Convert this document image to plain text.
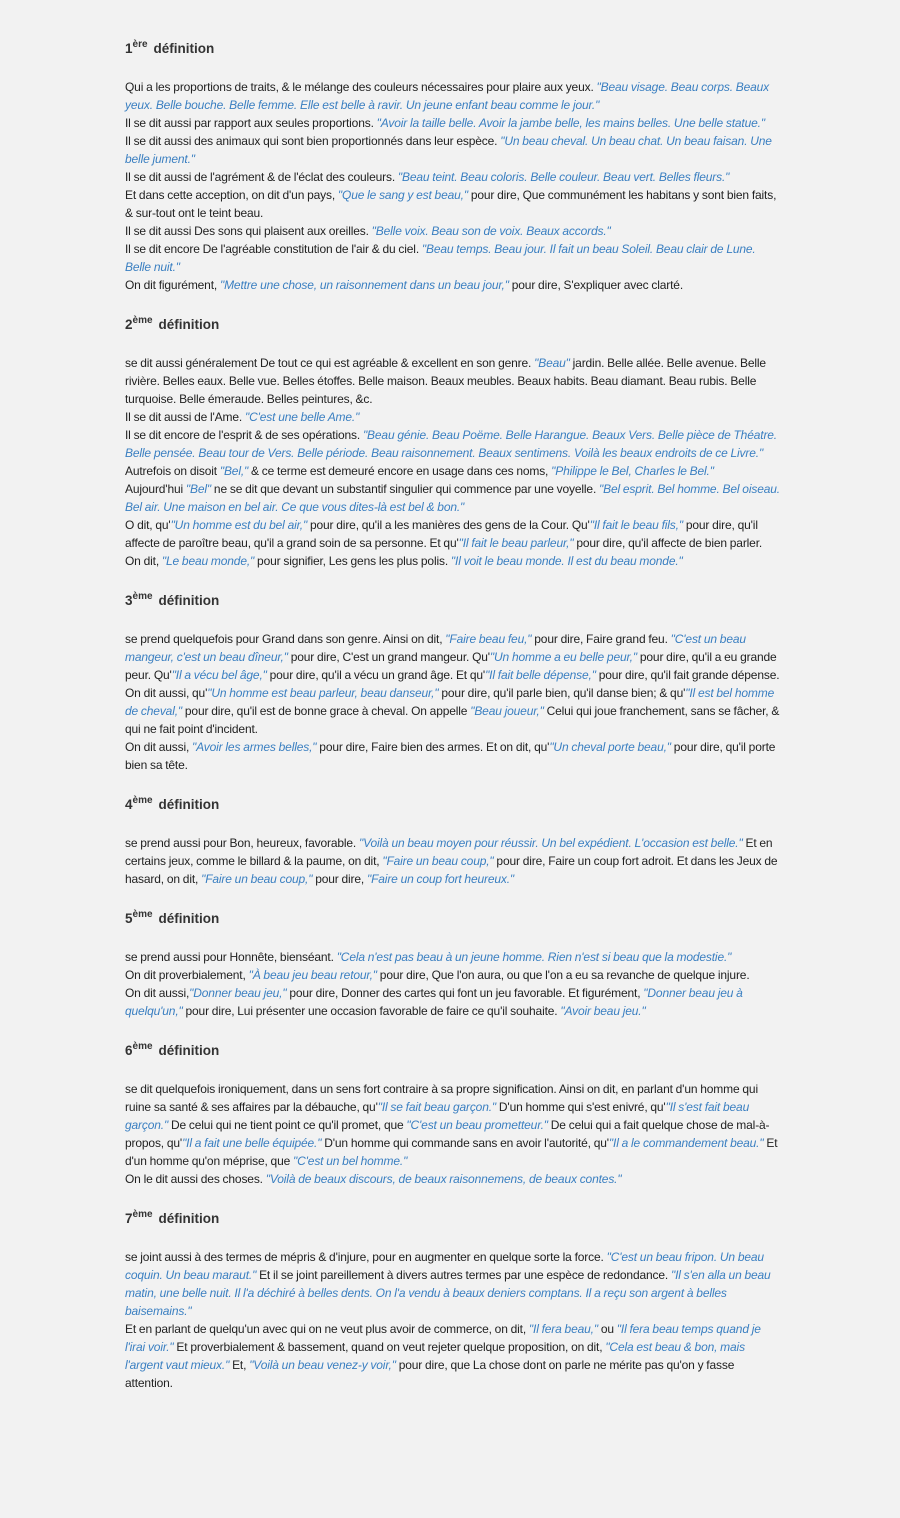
1ère définition
Qui a les proportions de traits, & le mélange des couleurs nécessaires pour plaire aux yeux. "Beau visage. Beau corps. Beaux yeux. Belle bouche. Belle femme. Elle est belle à ravir. Un jeune enfant beau comme le jour."
Il se dit aussi par rapport aux seules proportions. "Avoir la taille belle. Avoir la jambe belle, les mains belles. Une belle statue."
Il se dit aussi des animaux qui sont bien proportionnés dans leur espèce. "Un beau cheval. Un beau chat. Un beau faisan. Une belle jument."
Il se dit aussi de l'agrément & de l'éclat des couleurs. "Beau teint. Beau coloris. Belle couleur. Beau vert. Belles fleurs."
Et dans cette acception, on dit d'un pays, "Que le sang y est beau," pour dire, Que communément les habitans y sont bien faits, & sur-tout ont le teint beau.
Il se dit aussi Des sons qui plaisent aux oreilles. "Belle voix. Beau son de voix. Beaux accords."
Il se dit encore De l'agréable constitution de l'air & du ciel. "Beau temps. Beau jour. Il fait un beau Soleil. Beau clair de Lune. Belle nuit."
On dit figurément, "Mettre une chose, un raisonnement dans un beau jour," pour dire, S'expliquer avec clarté.
2ème définition
se dit aussi généralement De tout ce qui est agréable & excellent en son genre. "Beau" jardin. Belle allée. Belle avenue. Belle rivière. Belles eaux. Belle vue. Belles étoffes. Belle maison. Beaux meubles. Beaux habits. Beau diamant. Beau rubis. Belle turquoise. Belle émeraude. Belles peintures, &c.
Il se dit aussi de l'Ame. "C'est une belle Ame."
Il se dit encore de l'esprit & de ses opérations. "Beau génie. Beau Poëme. Belle Harangue. Beaux Vers. Belle pièce de Théatre. Belle pensée. Beau tour de Vers. Belle période. Beau raisonnement. Beaux sentimens. Voilà les beaux endroits de ce Livre."
Autrefois on disoit "Bel," & ce terme est demeuré encore en usage dans ces noms, "Philippe le Bel, Charles le Bel."
Aujourd'hui "Bel" ne se dit que devant un substantif singulier qui commence par une voyelle. "Bel esprit. Bel homme. Bel oiseau. Bel air. Une maison en bel air. Ce que vous dites-là est bel & bon."
O dit, qu'"Un homme est du bel air," pour dire, qu'il a les manières des gens de la Cour. Qu'"Il fait le beau fils," pour dire, qu'il affecte de paroître beau, qu'il a grand soin de sa personne. Et qu'"Il fait le beau parleur," pour dire, qu'il affecte de bien parler.
On dit, "Le beau monde," pour signifier, Les gens les plus polis. "Il voit le beau monde. Il est du beau monde."
3ème définition
se prend quelquefois pour Grand dans son genre. Ainsi on dit, "Faire beau feu," pour dire, Faire grand feu. "C'est un beau mangeur, c'est un beau dîneur," pour dire, C'est un grand mangeur. Qu'"Un homme a eu belle peur," pour dire, qu'il a eu grande peur. Qu'"Il a vécu bel âge," pour dire, qu'il a vécu un grand âge. Et qu'"Il fait belle dépense," pour dire, qu'il fait grande dépense.
On dit aussi, qu'"Un homme est beau parleur, beau danseur," pour dire, qu'il parle bien, qu'il danse bien; & qu'"Il est bel homme de cheval," pour dire, qu'il est de bonne grace à cheval. On appelle "Beau joueur," Celui qui joue franchement, sans se fâcher, & qui ne fait point d'incident.
On dit aussi, "Avoir les armes belles," pour dire, Faire bien des armes. Et on dit, qu'"Un cheval porte beau," pour dire, qu'il porte bien sa tête.
4ème définition
se prend aussi pour Bon, heureux, favorable. "Voilà un beau moyen pour réussir. Un bel expédient. L'occasion est belle." Et en certains jeux, comme le billard & la paume, on dit, "Faire un beau coup," pour dire, Faire un coup fort adroit. Et dans les Jeux de hasard, on dit, "Faire un beau coup," pour dire, "Faire un coup fort heureux."
5ème définition
se prend aussi pour Honnête, bienséant. "Cela n'est pas beau à un jeune homme. Rien n'est si beau que la modestie."
On dit proverbialement, "À beau jeu beau retour," pour dire, Que l'on aura, ou que l'on a eu sa revanche de quelque injure.
On dit aussi,"Donner beau jeu," pour dire, Donner des cartes qui font un jeu favorable. Et figurément, "Donner beau jeu à quelqu'un," pour dire, Lui présenter une occasion favorable de faire ce qu'il souhaite. "Avoir beau jeu."
6ème définition
se dit quelquefois ironiquement, dans un sens fort contraire à sa propre signification. Ainsi on dit, en parlant d'un homme qui ruine sa santé & ses affaires par la débauche, qu'"Il se fait beau garçon." D'un homme qui s'est enivré, qu'"Il s'est fait beau garçon." De celui qui ne tient point ce qu'il promet, que "C'est un beau prometteur." De celui qui a fait quelque chose de mal-à-propos, qu'"Il a fait une belle équipée." D'un homme qui commande sans en avoir l'autorité, qu'"Il a le commandement beau." Et d'un homme qu'on méprise, que "C'est un bel homme."
On le dit aussi des choses. "Voilà de beaux discours, de beaux raisonnemens, de beaux contes."
7ème définition
se joint aussi à des termes de mépris & d'injure, pour en augmenter en quelque sorte la force. "C'est un beau fripon. Un beau coquin. Un beau maraut." Et il se joint pareillement à divers autres termes par une espèce de redondance. "Il s'en alla un beau matin, une belle nuit. Il l'a déchiré à belles dents. On l'a vendu à beaux deniers comptans. Il a reçu son argent à belles baisemains."
Et en parlant de quelqu'un avec qui on ne veut plus avoir de commerce, on dit, "Il fera beau," ou "Il fera beau temps quand je l'irai voir." Et proverbialement & bassement, quand on veut rejeter quelque proposition, on dit, "Cela est beau & bon, mais l'argent vaut mieux." Et, "Voilà un beau venez-y voir," pour dire, que La chose dont on parle ne mérite pas qu'on y fasse attention.
